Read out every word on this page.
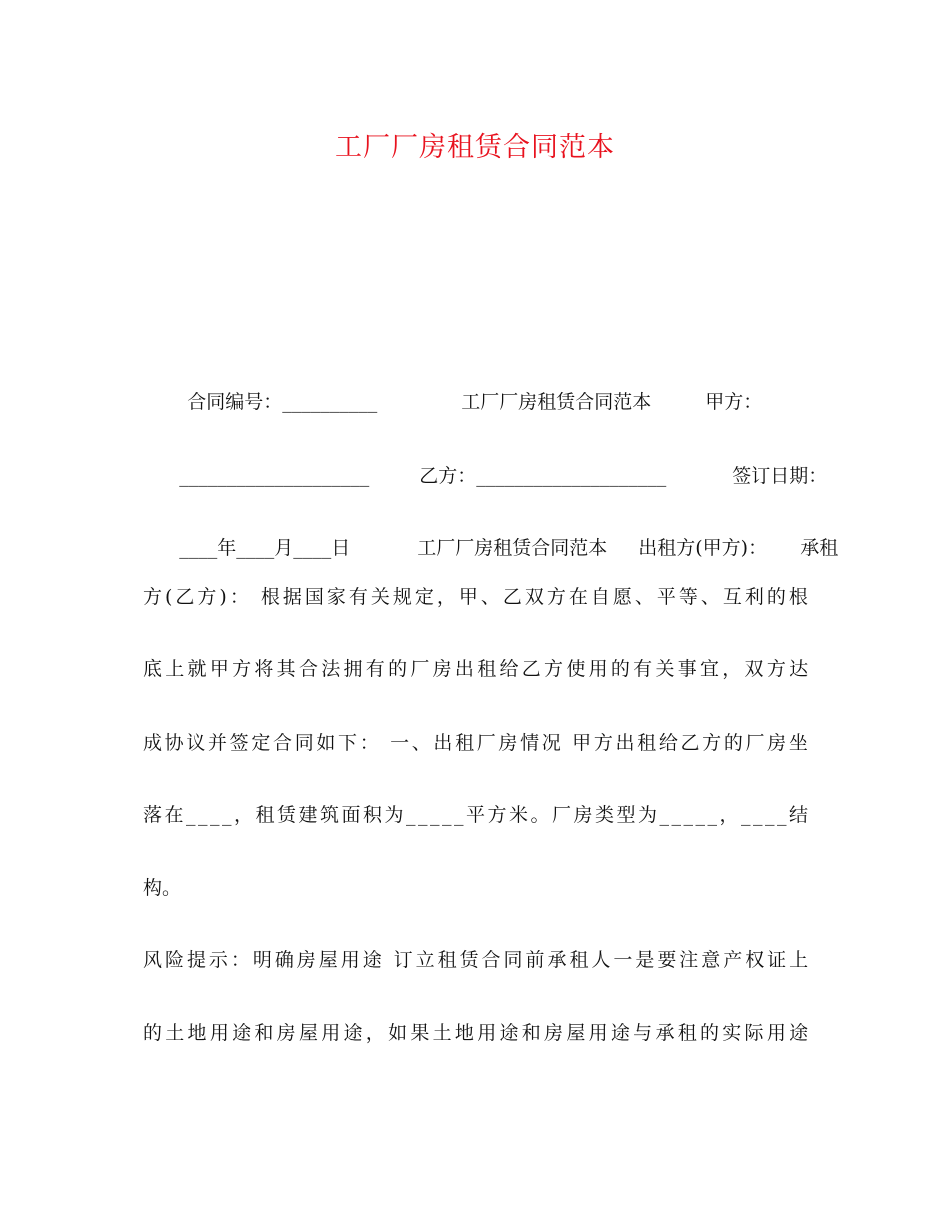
工厂厂房租赁合同范本

合同编号：__________
	工厂厂房租赁合同范本
	甲方：

____________________
	乙方：____________________
	签订日期：

____年____月____日
	工厂厂房租赁合同范本
	出租方(甲方)：
	承租

方(乙方)： 根据国家有关规定，甲、乙双方在自愿、平等、互利的根
底上就甲方将其合法拥有的厂房出租给乙方使用的有关事宜，双方达
成协议并签定合同如下： 一、出租厂房情况 甲方出租给乙方的厂房坐
落在____，租赁建筑面积为_____平方米。厂房类型为_____，____结
构。
风险提示：明确房屋用途 订立租赁合同前承租人一是要注意产权证上
的土地用途和房屋用途，如果土地用途和房屋用途与承租的实际用途
